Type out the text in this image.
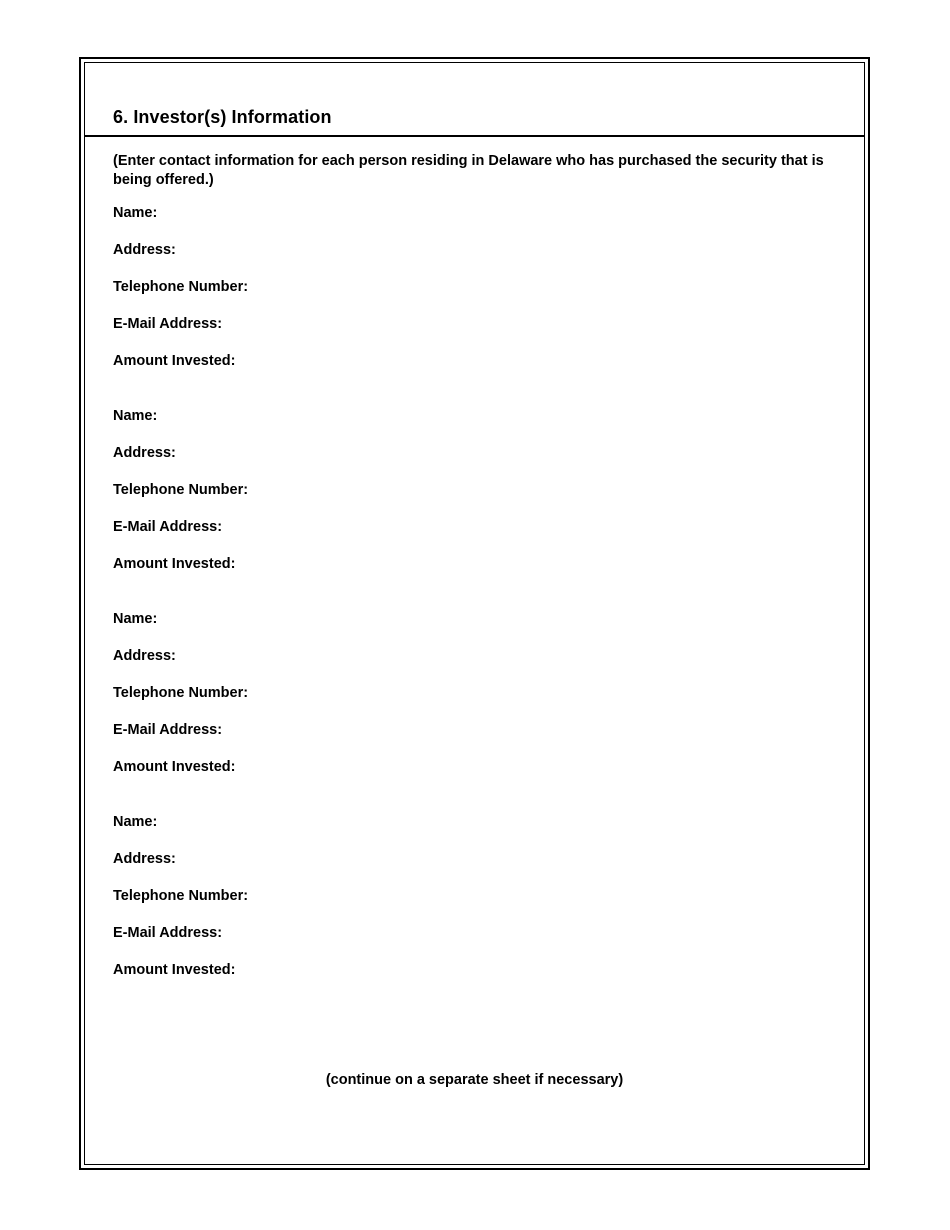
6. Investor(s) Information

(Enter contact information for each person residing in Delaware who has purchased the security that is being offered.)

Name:

Address:

Telephone Number:

E-Mail Address:

Amount Invested:

Name:

Address:

Telephone Number:

E-Mail Address:

Amount Invested:

Name:

Address:

Telephone Number:

E-Mail Address:

Amount Invested:

Name:

Address:

Telephone Number:

E-Mail Address:

Amount Invested:

(continue on a separate sheet if necessary)
